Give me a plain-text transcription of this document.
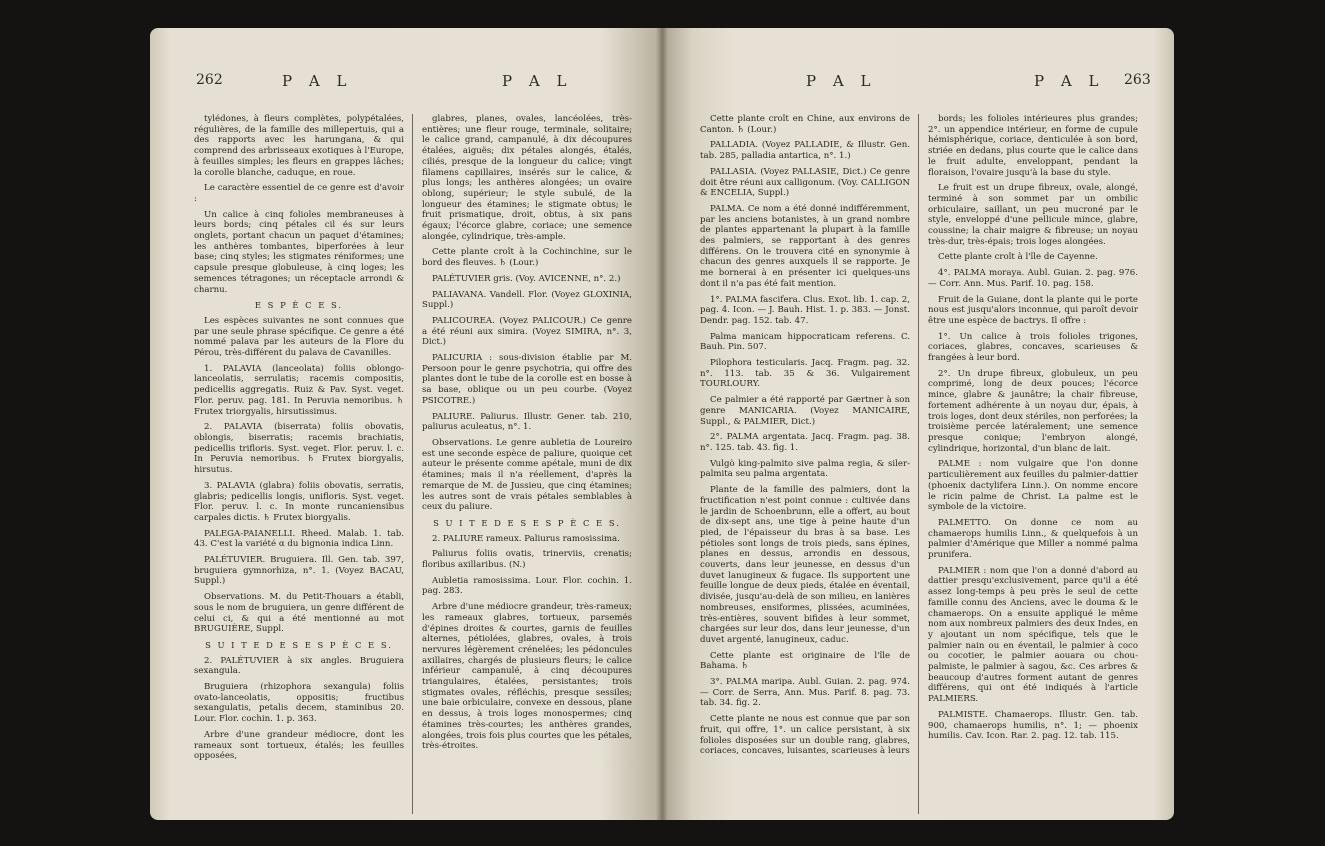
262	P A L	P A L

tylédones, à fleurs complètes, polypétalées, régulières, de la famille des millepertuis, qui a des rapports avec les harungana, & qui comprend des arbrisseaux exotiques à l'Europe, à feuilles simples; les fleurs en grappes lâches; la corolle blanche, caduque, en roue.

Le caractère essentiel de ce genre est d'avoir :

Un calice à cinq folioles membraneuses à leurs bords; cinq pétales cil és sur leurs onglets, portant chacun un paquet d'étamines; les anthères tombantes, biperforées à leur base; cinq styles; les stigmates réniformes; une capsule presque globuleuse, à cinq loges; les semences tétragones; un réceptacle arrondi & charnu.

E S P È C E S.

Les espèces suivantes ne sont connues que par une seule phrase spécifique. Ce genre a été nommé palava par les auteurs de la Flore du Pérou, très-différent du palava de Cavanilles.

1. PALAVIA (lanceolata) foliis oblongo-lanceolatis, serrulatis; racemis compositis, pedicellis aggregatis. Ruiz & Pav. Syst. veget. Flor. peruv. pag. 181. In Peruvia nemoribus. ♄ Frutex triorgyalis, hirsutissimus.

2. PALAVIA (biserrata) foliis obovatis, oblongis, biserratis; racemis brachiatis, pedicellis trifloris. Syst. veget. Flor. peruv. l. c. In Peruvia nemoribus. ♄ Frutex biorgyalis, hirsutus.

3. PALAVIA (glabra) foliis obovatis, serratis, glabris; pedicellis longis, unifloris. Syst. veget. Flor. peruv. l. c. In monte runcaniensibus carpales dictis. ♄ Frutex biorgyalis.

PALEGA-PAIANELLI. Rheed. Malab. 1. tab. 43. C'est la variété α du bignonia indica Linn.

PALÉTUVIER. Bruguiera. Ill. Gen. tab. 397, bruguiera gymnorhiza, n°. 1. (Voyez BACAU, Suppl.)

Observations. M. du Petit-Thouars a établi, sous le nom de bruguiera, un genre différent de celui ci, & qui a été mentionné au mot BRUGUIÈRE, Suppl.

S U I T E D E S E S P È C E S.

2. PALÉTUVIER à six angles. Bruguiera sexangula.

Bruguiera (rhizophora sexangula) foliis ovato-lanceolatis, oppositis; fructibus sexangulatis, petalis decem, staminibus 20. Lour. Flor. cochin. 1. p. 363.

Arbre d'une grandeur médiocre, dont les rameaux sont tortueux, étalés; les feuilles opposées,

glabres, planes, ovales, lancéolées, très-entières; une fleur rouge, terminale, solitaire; le calice grand, campanulé, à dix découpures étalées, aiguës; dix pétales alongés, étalés, ciliés, presque de la longueur du calice; vingt filamens capillaires, insérés sur le calice, & plus longs; les anthères alongées; un ovaire oblong, supérieur; le style subulé, de la longueur des étamines; le stigmate obtus; le fruit prismatique, droit, obtus, à six pans égaux; l'écorce glabre, coriace; une semence alongée, cylindrique, très-ample.

Cette plante croît à la Cochinchine, sur le bord des fleuves. ♄ (Lour.)

PALÉTUVIER gris. (Voy. AVICENNE, n°. 2.)

PALIAVANA. Vandell. Flor. (Voyez GLOXINIA, Suppl.)

PALICOUREA. (Voyez PALICOUR.) Ce genre a été réuni aux simira. (Voyez SIMIRA, n°. 3, Dict.)

PALICURIA : sous-division établie par M. Persoon pour le genre psychotria, qui offre des plantes dont le tube de la corolle est en bosse à sa base, oblique ou un peu courbe. (Voyez PSICOTRE.)

PALIURE. Paliurus. Illustr. Gener. tab. 210, paliurus aculeatus, n°. 1.

Observations. Le genre aubletia de Loureiro est une seconde espèce de paliure, quoique cet auteur le présente comme apétale, muni de dix étamines; mais il n'a réellement, d'après la remarque de M. de Jussieu, que cinq étamines; les autres sont de vrais pétales semblables à ceux du paliure.

S U I T E D E S E S P È C E S.

2. PALIURE rameux. Paliurus ramosissima.

Paliurus foliis ovatis, trinerviis, crenatis; floribus axillaribus. (N.)

Aubletia ramosissima. Lour. Flor. cochin. 1. pag. 283.

Arbre d'une médiocre grandeur, très-rameux; les rameaux glabres, tortueux, parsemés d'épines droites & courtes, garnis de feuilles alternes, pétiolées, glabres, ovales, à trois nervures légèrement crénelées; les pédoncules axillaires, chargés de plusieurs fleurs; le calice inférieur campanulé, à cinq découpures triangulaires, étalées, persistantes; trois stigmates ovales, réfléchis, presque sessiles; une baie orbiculaire, convexe en dessous, plane en dessus, à trois loges monospermes; cinq étamines très-courtes; les anthères grandes, alongées, trois fois plus courtes que les pétales, très-étroites.

P A L	P A L 263

Cette plante croît en Chine, aux environs de Canton. ♄ (Lour.)

PALLADIA. (Voyez PALLADIE, & Illustr. Gen. tab. 285, palladia antartica, n°. 1.)

PALLASIA. (Voyez PALLASIE, Dict.) Ce genre doit être réuni aux calligonum. (Voy. CALLIGON & ENCELIA, Suppl.)

PALMA. Ce nom a été donné indifféremment, par les anciens botanistes, à un grand nombre de plantes appartenant la plupart à la famille des palmiers, se rapportant à des genres différens. On le trouvera cité en synonymie à chacun des genres auxquels il se rapporte. Je me bornerai à en présenter ici quelques-uns dont il n'a pas été fait mention.

1°. PALMA fascifera. Clus. Exot. lib. 1. cap. 2, pag. 4. Icon. — J. Bauh. Hist. 1. p. 383. — Jonst. Dendr. pag. 152. tab. 47.

Palma manicam hippocraticam referens. C. Bauh. Pin. 507.

Pilophora testicularis. Jacq. Fragm. pag. 32. n°. 113. tab. 35 & 36. Vulgairement TOURLOURY.

Ce palmier a été rapporté par Gærtner à son genre MANICARIA. (Voyez MANICAIRE, Suppl., & PALMIER, Dict.)

2°. PALMA argentata. Jacq. Fragm. pag. 38. n°. 125. tab. 43. fig. 1.

Vulgò king-palmito sive palma regia, & siler-palmita seu palma argentata.

Plante de la famille des palmiers, dont la fructification n'est point connue : cultivée dans le jardin de Schoenbrunn, elle a offert, au bout de dix-sept ans, une tige à peine haute d'un pied, de l'épaisseur du bras à sa base. Les pétioles sont longs de trois pieds, sans épines, planes en dessus, arrondis en dessous, couverts, dans leur jeunesse, en dessus d'un duvet lanugineux & fugace. Ils supportent une feuille longue de deux pieds, étalée en éventail, divisée, jusqu'au-delà de son milieu, en lanières nombreuses, ensiformes, plissées, acuminées, très-entières, souvent bifides à leur sommet, chargées sur leur dos, dans leur jeunesse, d'un duvet argenté, lanugineux, caduc.

Cette plante est originaire de l'île de Bahama. ♄

3°. PALMA maripa. Aubl. Guian. 2. pag. 974. — Corr. de Serra, Ann. Mus. Parif. 8. pag. 73. tab. 34. fig. 2.

Cette plante ne nous est connue que par son fruit, qui offre, 1°. un calice persistant, à six folioles disposées sur un double rang, glabres, coriaces, concaves, luisantes, scarieuses à leurs

bords; les folioles intérieures plus grandes; 2°. un appendice intérieur, en forme de cupule hémisphérique, coriace, denticulée à son bord, striée en dedans, plus courte que le calice dans le fruit adulte, enveloppant, pendant la floraison, l'ovaire jusqu'à la base du style.

Le fruit est un drupe fibreux, ovale, alongé, terminé à son sommet par un ombilic orbiculaire, saillant, un peu mucroné par le style, enveloppé d'une pellicule mince, glabre, coussine; la chair maigre & fibreuse; un noyau très-dur, très-épais; trois loges alongées.

Cette plante croît à l'île de Cayenne.

4°. PALMA moraya. Aubl. Guian. 2. pag. 976. — Corr. Ann. Mus. Parif. 10. pag. 158.

Fruit de la Guiane, dont la plante qui le porte nous est jusqu'alors inconnue, qui paroît devoir être une espèce de bactrys. Il offre :

1°. Un calice à trois folioles trigones, coriaces, glabres, concaves, scarieuses & frangées à leur bord.

2°. Un drupe fibreux, globuleux, un peu comprimé, long de deux pouces; l'écorce mince, glabre & jaunâtre; la chair fibreuse, fortement adhérente à un noyau dur, épais, à trois loges, dont deux stériles, non perforées; la troisième percée latéralement; une semence presque conique; l'embryon alongé, cylindrique, horizontal, d'un blanc de lait.

PALME : nom vulgaire que l'on donne particulièrement aux feuilles du palmier-dattier (phoenix dactylifera Linn.). On nomme encore le ricin palme de Christ. La palme est le symbole de la victoire.

PALMETTO. On donne ce nom au chamaerops humilis Linn., & quelquefois à un palmier d'Amérique que Miller a nommé palma prunifera.

PALMIER : nom que l'on a donné d'abord au dattier presqu'exclusivement, parce qu'il a été assez long-temps à peu près le seul de cette famille connu des Anciens, avec le douma & le chamaerops. On a ensuite appliqué le même nom aux nombreux palmiers des deux Indes, en y ajoutant un nom spécifique, tels que le palmier nain ou en éventail, le palmier à coco ou cocotier, le palmier aouara ou chou-palmiste, le palmier à sagou, &c. Ces arbres & beaucoup d'autres forment autant de genres différens, qui ont été indiqués à l'article PALMIERS.

PALMISTE. Chamaerops. Illustr. Gen. tab. 900, chamaerops humilis, n°. 1; — phoenix humilis. Cav. Icon. Rar. 2. pag. 12. tab. 115.
